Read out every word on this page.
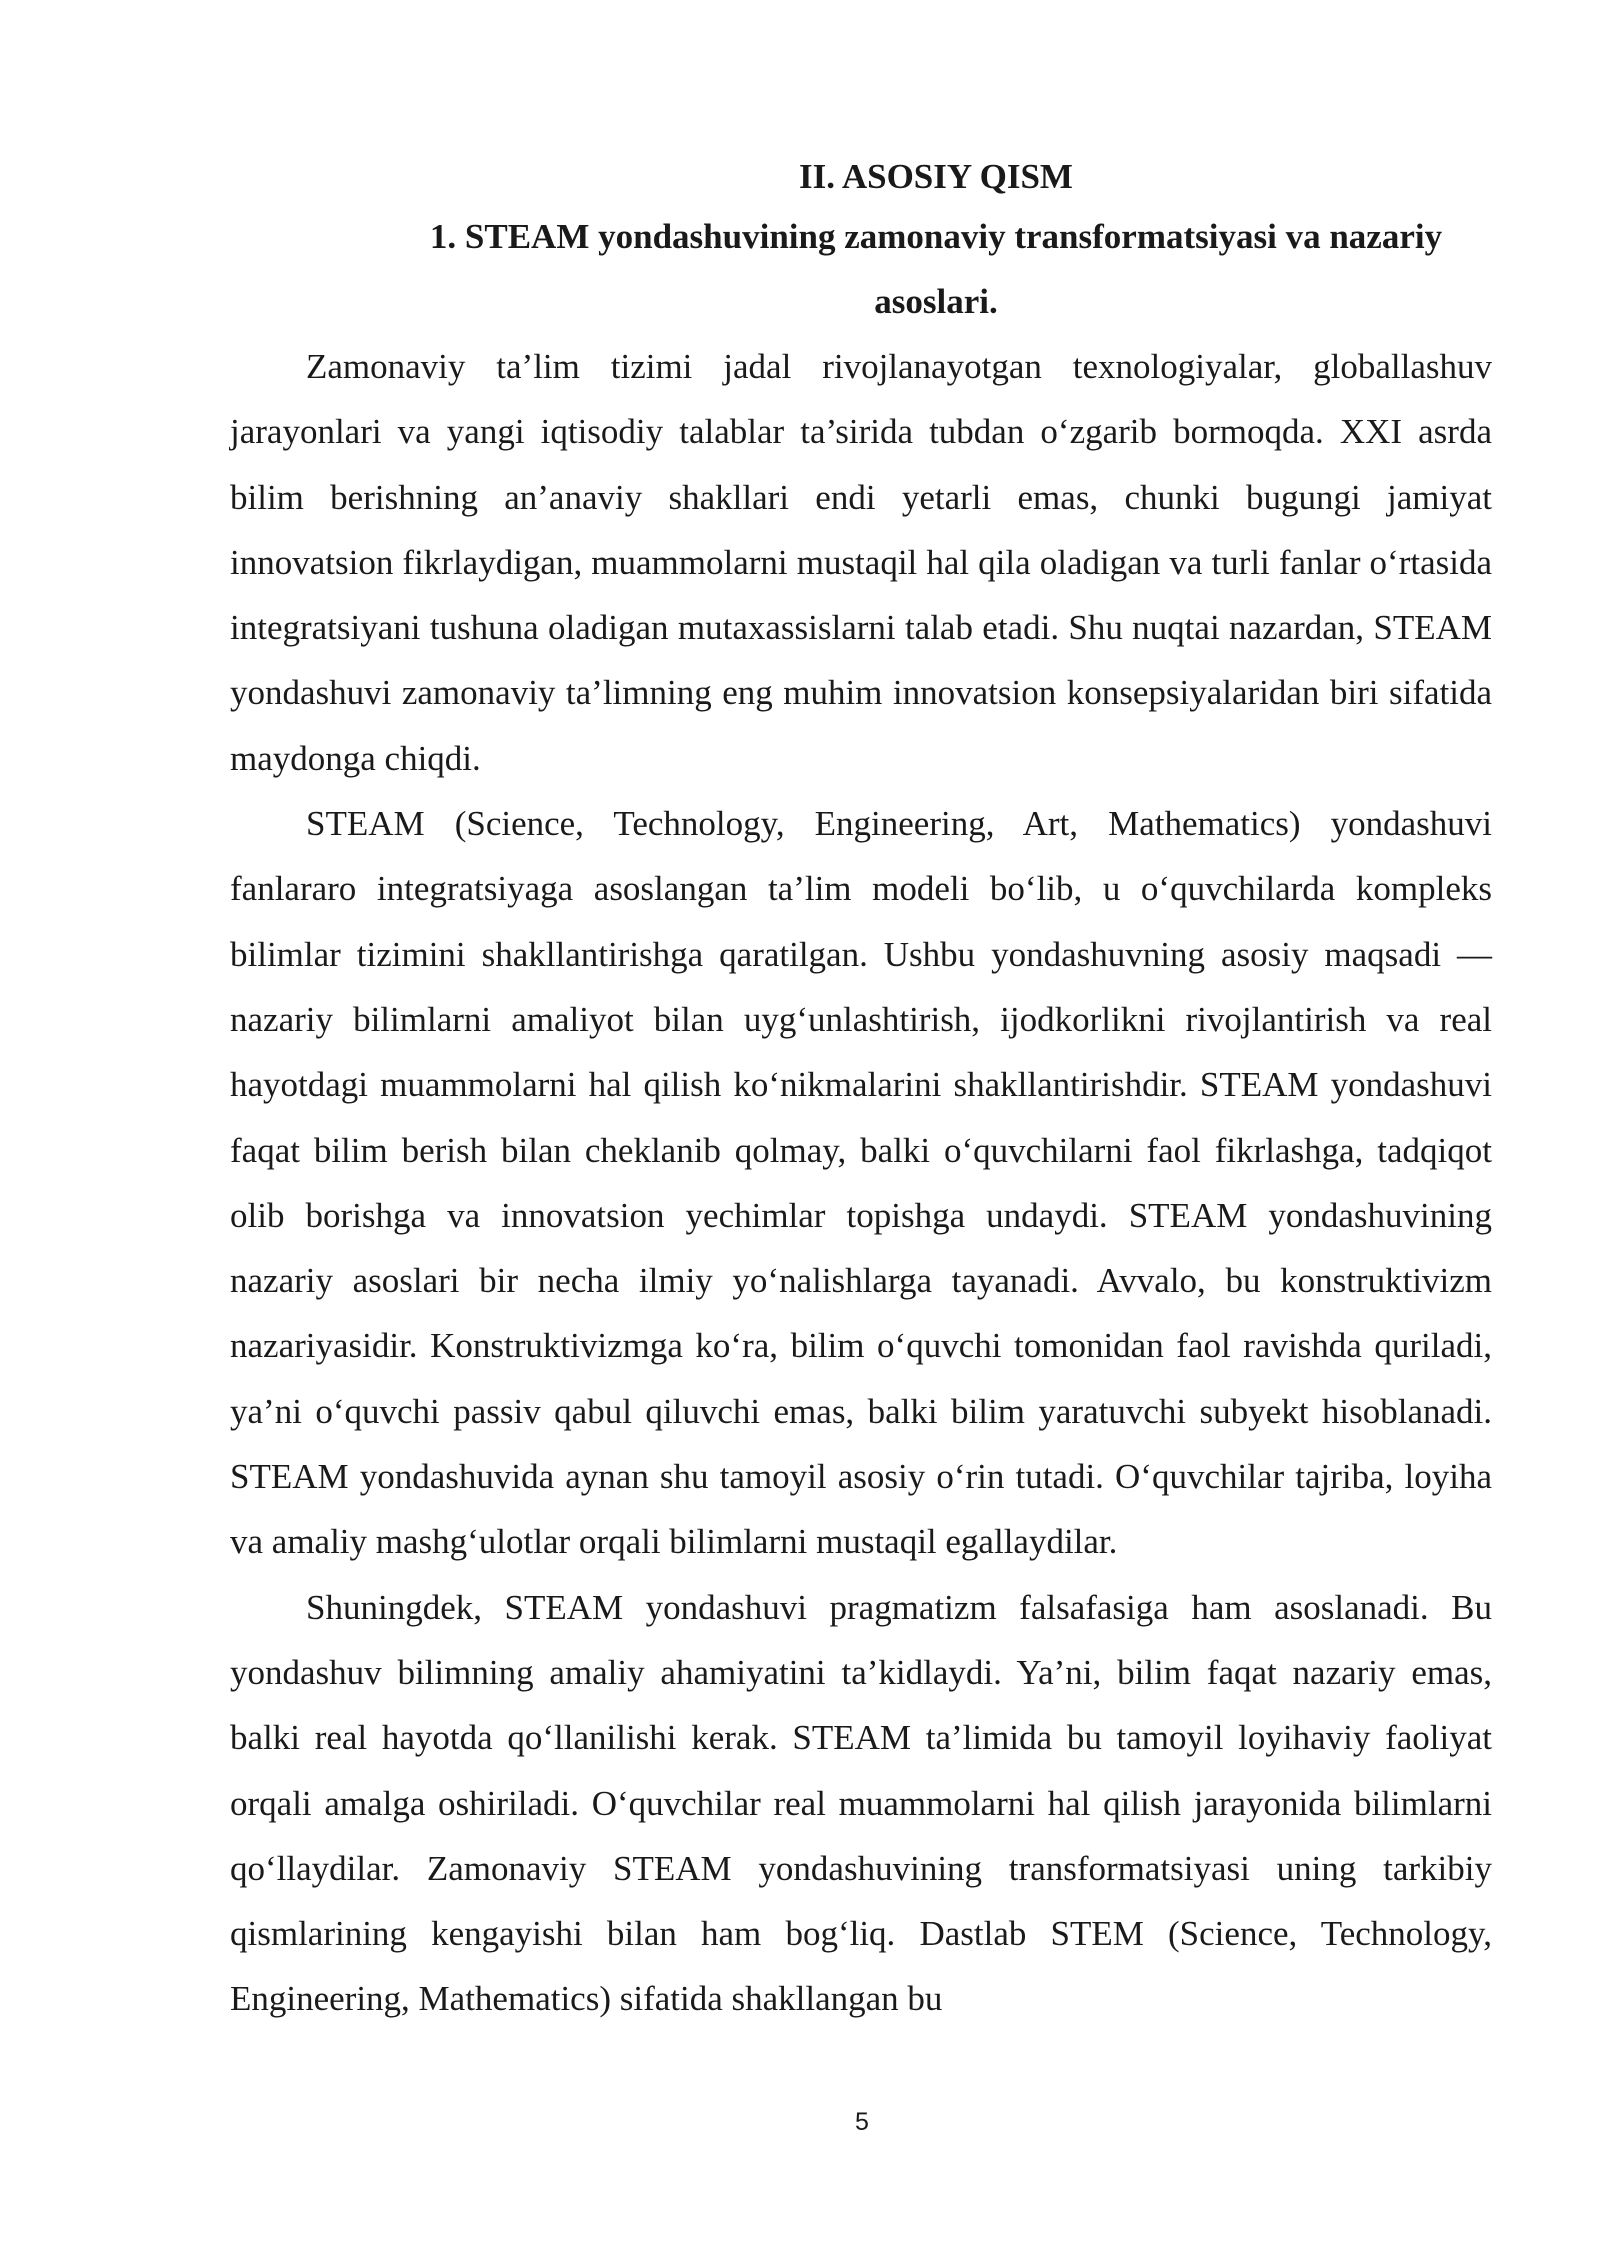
II. ASOSIY QISM
1. STEAM yondashuvining zamonaviy transformatsiyasi va nazariy asoslari.

Zamonaviy ta’lim tizimi jadal rivojlanayotgan texnologiyalar, globallashuv jarayonlari va yangi iqtisodiy talablar ta’sirida tubdan o‘zgarib bormoqda. XXI asrda bilim berishning an’anaviy shakllari endi yetarli emas, chunki bugungi jamiyat innovatsion fikrlaydigan, muammolarni mustaqil hal qila oladigan va turli fanlar o‘rtasida integratsiyani tushuna oladigan mutaxassislarni talab etadi. Shu nuqtai nazardan, STEAM yondashuvi zamonaviy ta’limning eng muhim innovatsion konsepsiyalaridan biri sifatida maydonga chiqdi.

STEAM (Science, Technology, Engineering, Art, Mathematics) yondashuvi fanlararo integratsiyaga asoslangan ta’lim modeli bo‘lib, u o‘quvchilarda kompleks bilimlar tizimini shakllantirishga qaratilgan. Ushbu yondashuvning asosiy maqsadi — nazariy bilimlarni amaliyot bilan uyg‘unlashtirish, ijodkorlikni rivojlantirish va real hayotdagi muammolarni hal qilish ko‘nikmalarini shakllantirishdir. STEAM yondashuvi faqat bilim berish bilan cheklanib qolmay, balki o‘quvchilarni faol fikrlashga, tadqiqot olib borishga va innovatsion yechimlar topishga undaydi. STEAM yondashuvining nazariy asoslari bir necha ilmiy yo‘nalishlarga tayanadi. Avvalo, bu konstruktivizm nazariyasidir. Konstruktivizmga ko‘ra, bilim o‘quvchi tomonidan faol ravishda quriladi, ya’ni o‘quvchi passiv qabul qiluvchi emas, balki bilim yaratuvchi subyekt hisoblanadi. STEAM yondashuvida aynan shu tamoyil asosiy o‘rin tutadi. O‘quvchilar tajriba, loyiha va amaliy mashg‘ulotlar orqali bilimlarni mustaqil egallaydilar.

Shuningdek, STEAM yondashuvi pragmatizm falsafasiga ham asoslanadi. Bu yondashuv bilimning amaliy ahamiyatini ta’kidlaydi. Ya’ni, bilim faqat nazariy emas, balki real hayotda qo‘llanilishi kerak. STEAM ta’limida bu tamoyil loyihaviy faoliyat orqali amalga oshiriladi. O‘quvchilar real muammolarni hal qilish jarayonida bilimlarni qo‘llaydilar. Zamonaviy STEAM yondashuvining transformatsiyasi uning tarkibiy qismlarining kengayishi bilan ham bog‘liq. Dastlab STEM (Science, Technology, Engineering, Mathematics) sifatida shakllangan bu

5
